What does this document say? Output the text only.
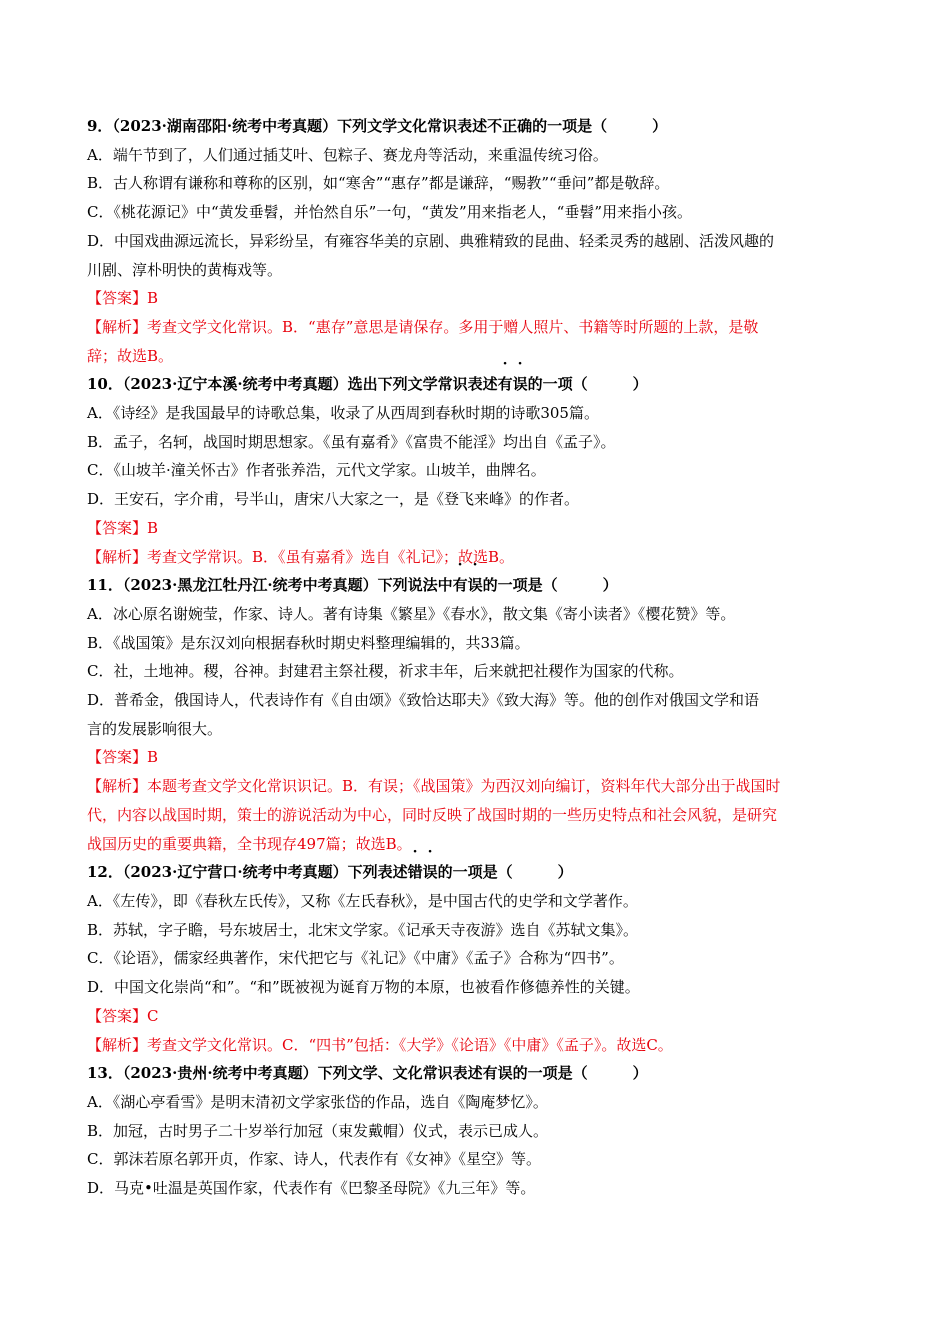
9．（2023·湖南邵阳·统考中考真题）下列文学文化常识表述不正确的一项是（　　　）

A．端午节到了，人们通过插艾叶、包粽子、赛龙舟等活动，来重温传统习俗。

B．古人称谓有谦称和尊称的区别，如“寒舍”“惠存”都是谦辞，“赐教”“垂问”都是敬辞。

C．《桃花源记》中“黄发垂髫，并怡然自乐”一句，“黄发”用来指老人，“垂髫”用来指小孩。

D．中国戏曲源远流长，异彩纷呈，有雍容华美的京剧、典雅精致的昆曲、轻柔灵秀的越剧、活泼风趣的

川剧、淳朴明快的黄梅戏等。

【答案】B

【解析】考查文学文化常识。B．“惠存”意思是请保存。多用于赠人照片、书籍等时所题的上款，是敬

辞；故选B。

10．（2023·辽宁本溪·统考中考真题）选出下列文学常识表述有误的一项（　　　）

A．《诗经》是我国最早的诗歌总集，收录了从西周到春秋时期的诗歌305篇。

B．孟子，名轲，战国时期思想家。《虽有嘉肴》《富贵不能淫》均出自《孟子》。

C．《山坡羊·潼关怀古》作者张养浩，元代文学家。山坡羊，曲牌名。

D．王安石，字介甫，号半山，唐宋八大家之一，是《登飞来峰》的作者。

【答案】B

【解析】考查文学常识。B．《虽有嘉肴》选自《礼记》；故选B。

11．（2023·黑龙江牡丹江·统考中考真题）下列说法中有误的一项是（　　　）

A．冰心原名谢婉莹，作家、诗人。著有诗集《繁星》《春水》，散文集《寄小读者》《樱花赞》等。

B．《战国策》是东汉刘向根据春秋时期史料整理编辑的，共33篇。

C．社，土地神。稷，谷神。封建君主祭社稷，祈求丰年，后来就把社稷作为国家的代称。

D．普希金，俄国诗人，代表诗作有《自由颂》《致恰达耶夫》《致大海》等。他的创作对俄国文学和语

言的发展影响很大。

【答案】B

【解析】本题考查文学文化常识识记。B．有误；《战国策》为西汉刘向编订，资料年代大部分出于战国时

代，内容以战国时期，策士的游说活动为中心，同时反映了战国时期的一些历史特点和社会风貌，是研究

战国历史的重要典籍，全书现存497篇；故选B。

12．（2023·辽宁营口·统考中考真题）下列表述错误的一项是（　　　）

A．《左传》，即《春秋左氏传》，又称《左氏春秋》，是中国古代的史学和文学著作。

B．苏轼，字子瞻，号东坡居士，北宋文学家。《记承天寺夜游》选自《苏轼文集》。

C．《论语》，儒家经典著作，宋代把它与《礼记》《中庸》《孟子》合称为“四书”。

D．中国文化崇尚“和”。“和”既被视为诞育万物的本原，也被看作修德养性的关键。

【答案】C

【解析】考查文学文化常识。C．“四书”包括：《大学》《论语》《中庸》《孟子》。故选C。

13．（2023·贵州·统考中考真题）下列文学、文化常识表述有误的一项是（　　　）

A．《湖心亭看雪》是明末清初文学家张岱的作品，选自《陶庵梦忆》。

B．加冠，古时男子二十岁举行加冠（束发戴帽）仪式，表示已成人。

C．郭沫若原名郭开贞，作家、诗人，代表作有《女神》《星空》等。

D．马克•吐温是英国作家，代表作有《巴黎圣母院》《九三年》等。
